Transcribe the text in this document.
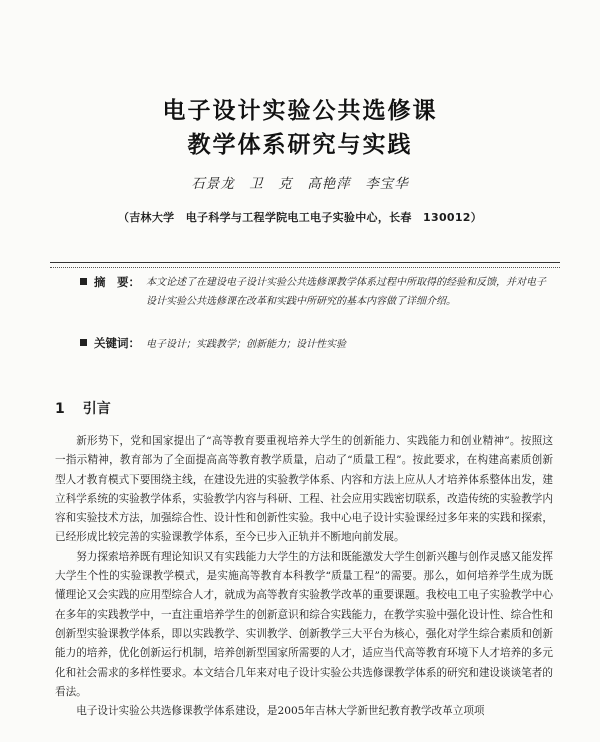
电子设计实验公共选修课
教学体系研究与实践
石景龙　卫　克　高艳萍　李宝华
（吉林大学　电子科学与工程学院电工电子实验中心，长春　130012）
摘　要： 本文论述了在建设电子设计实验公共选修课教学体系过程中所取得的经验和反馈，并对电子设计实验公共选修课在改革和实践中所研究的基本内容做了详细介绍。
关键词： 电子设计；实践教学；创新能力；设计性实验
1 引言

新形势下，党和国家提出了“高等教育要重视培养大学生的创新能力、实践能力和创业精神”。按照这一指示精神，教育部为了全面提高高等教育教学质量，启动了“质量工程”。按此要求，在构建高素质创新型人才教育模式下要围绕主线，在建设先进的实验教学体系、内容和方法上应从人才培养体系整体出发，建立科学系统的实验教学体系，实验教学内容与科研、工程、社会应用实践密切联系，改造传统的实验教学内容和实验技术方法，加强综合性、设计性和创新性实验。我中心电子设计实验课经过多年来的实践和探索，已经形成比较完善的实验课教学体系，至今已步入正轨并不断地向前发展。

努力探索培养既有理论知识又有实践能力大学生的方法和既能激发大学生创新兴趣与创作灵感又能发挥大学生个性的实验课教学模式，是实施高等教育本科教学“质量工程”的需要。那么，如何培养学生成为既懂理论又会实践的应用型综合人才，就成为高等教育实验教学改革的重要课题。我校电工电子实验教学中心在多年的实践教学中，一直注重培养学生的创新意识和综合实践能力，在教学实验中强化设计性、综合性和创新型实验课教学体系，即以实践教学、实训教学、创新教学三大平台为核心，强化对学生综合素质和创新能力的培养，优化创新运行机制，培养创新型国家所需要的人才，适应当代高等教育环境下人才培养的多元化和社会需求的多样性要求。本文结合几年来对电子设计实验公共选修课教学体系的研究和建设谈谈笔者的看法。

电子设计实验公共选修课教学体系建设，是2005年吉林大学新世纪教育教学改革立项项
